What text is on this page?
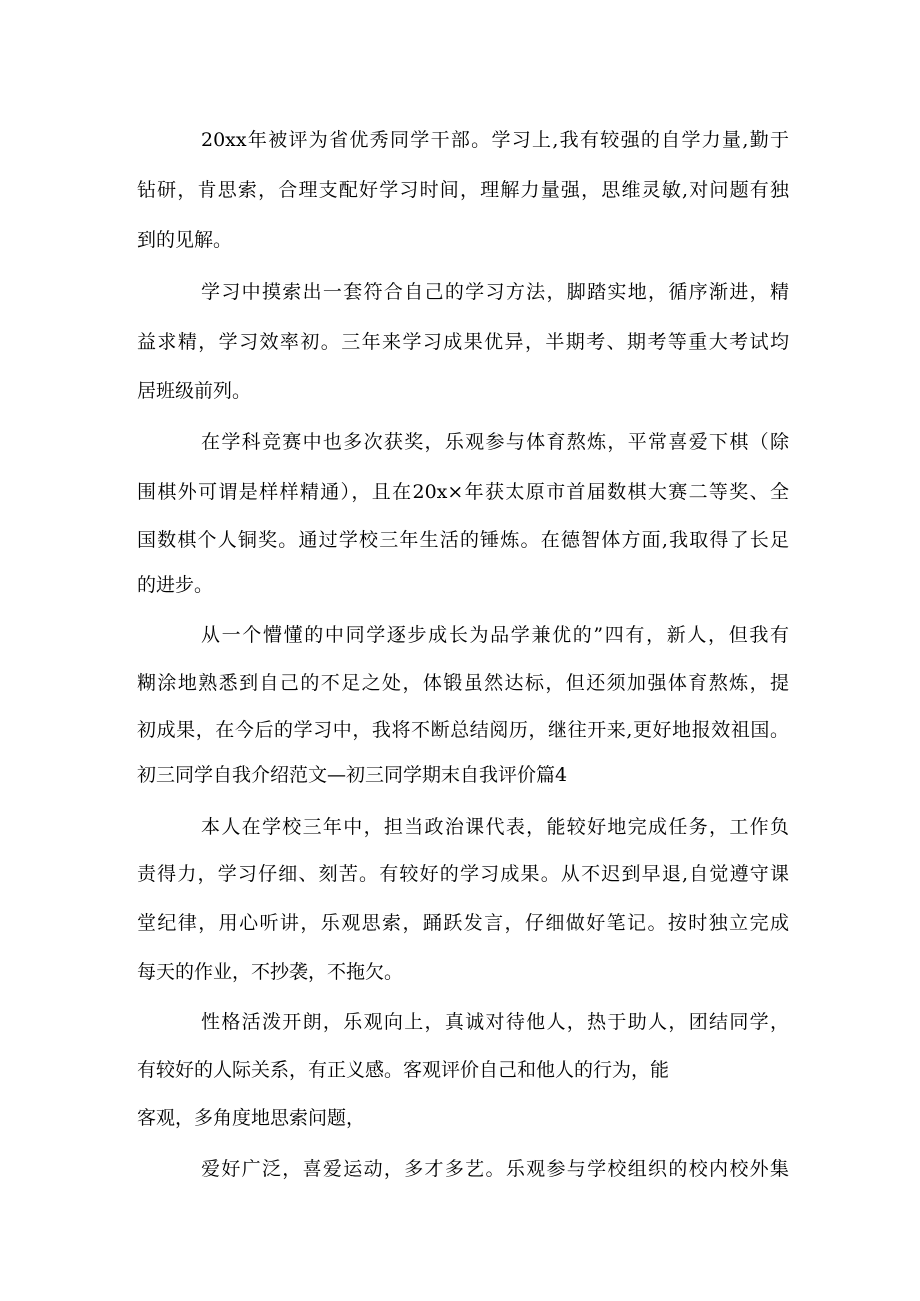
20xx年被评为省优秀同学干部。学习上,我有较强的自学力量,勤于

钻研，肯思索，合理支配好学习时间，理解力量强，思维灵敏,对问题有独

到的见解。

学习中摸索出一套符合自己的学习方法，脚踏实地，循序渐进，精

益求精，学习效率初。三年来学习成果优异，半期考、期考等重大考试均

居班级前列。

在学科竞赛中也多次获奖，乐观参与体育熬炼，平常喜爱下棋（除

围棋外可谓是样样精通），且在20x×年获太原市首届数棋大赛二等奖、全

国数棋个人铜奖。通过学校三年生活的锤炼。在德智体方面,我取得了长足

的进步。

从一个懵懂的中同学逐步成长为品学兼优的”四有，新人，但我有

糊涂地熟悉到自己的不足之处，体锻虽然达标，但还须加强体育熬炼，提

初成果，在今后的学习中，我将不断总结阅历，继往开来,更好地报效祖国。

初三同学自我介绍范文—初三同学期末自我评价篇4

本人在学校三年中，担当政治课代表，能较好地完成任务，工作负

责得力，学习仔细、刻苦。有较好的学习成果。从不迟到早退,自觉遵守课

堂纪律，用心听讲，乐观思索，踊跃发言，仔细做好笔记。按时独立完成

每天的作业，不抄袭，不拖欠。

性格活泼开朗，乐观向上，真诚对待他人，热于助人，团结同学，

有较好的人际关系，有正义感。客观评价自己和他人的行为，能

客观，多角度地思索问题，

爱好广泛，喜爱运动，多才多艺。乐观参与学校组织的校内校外集
